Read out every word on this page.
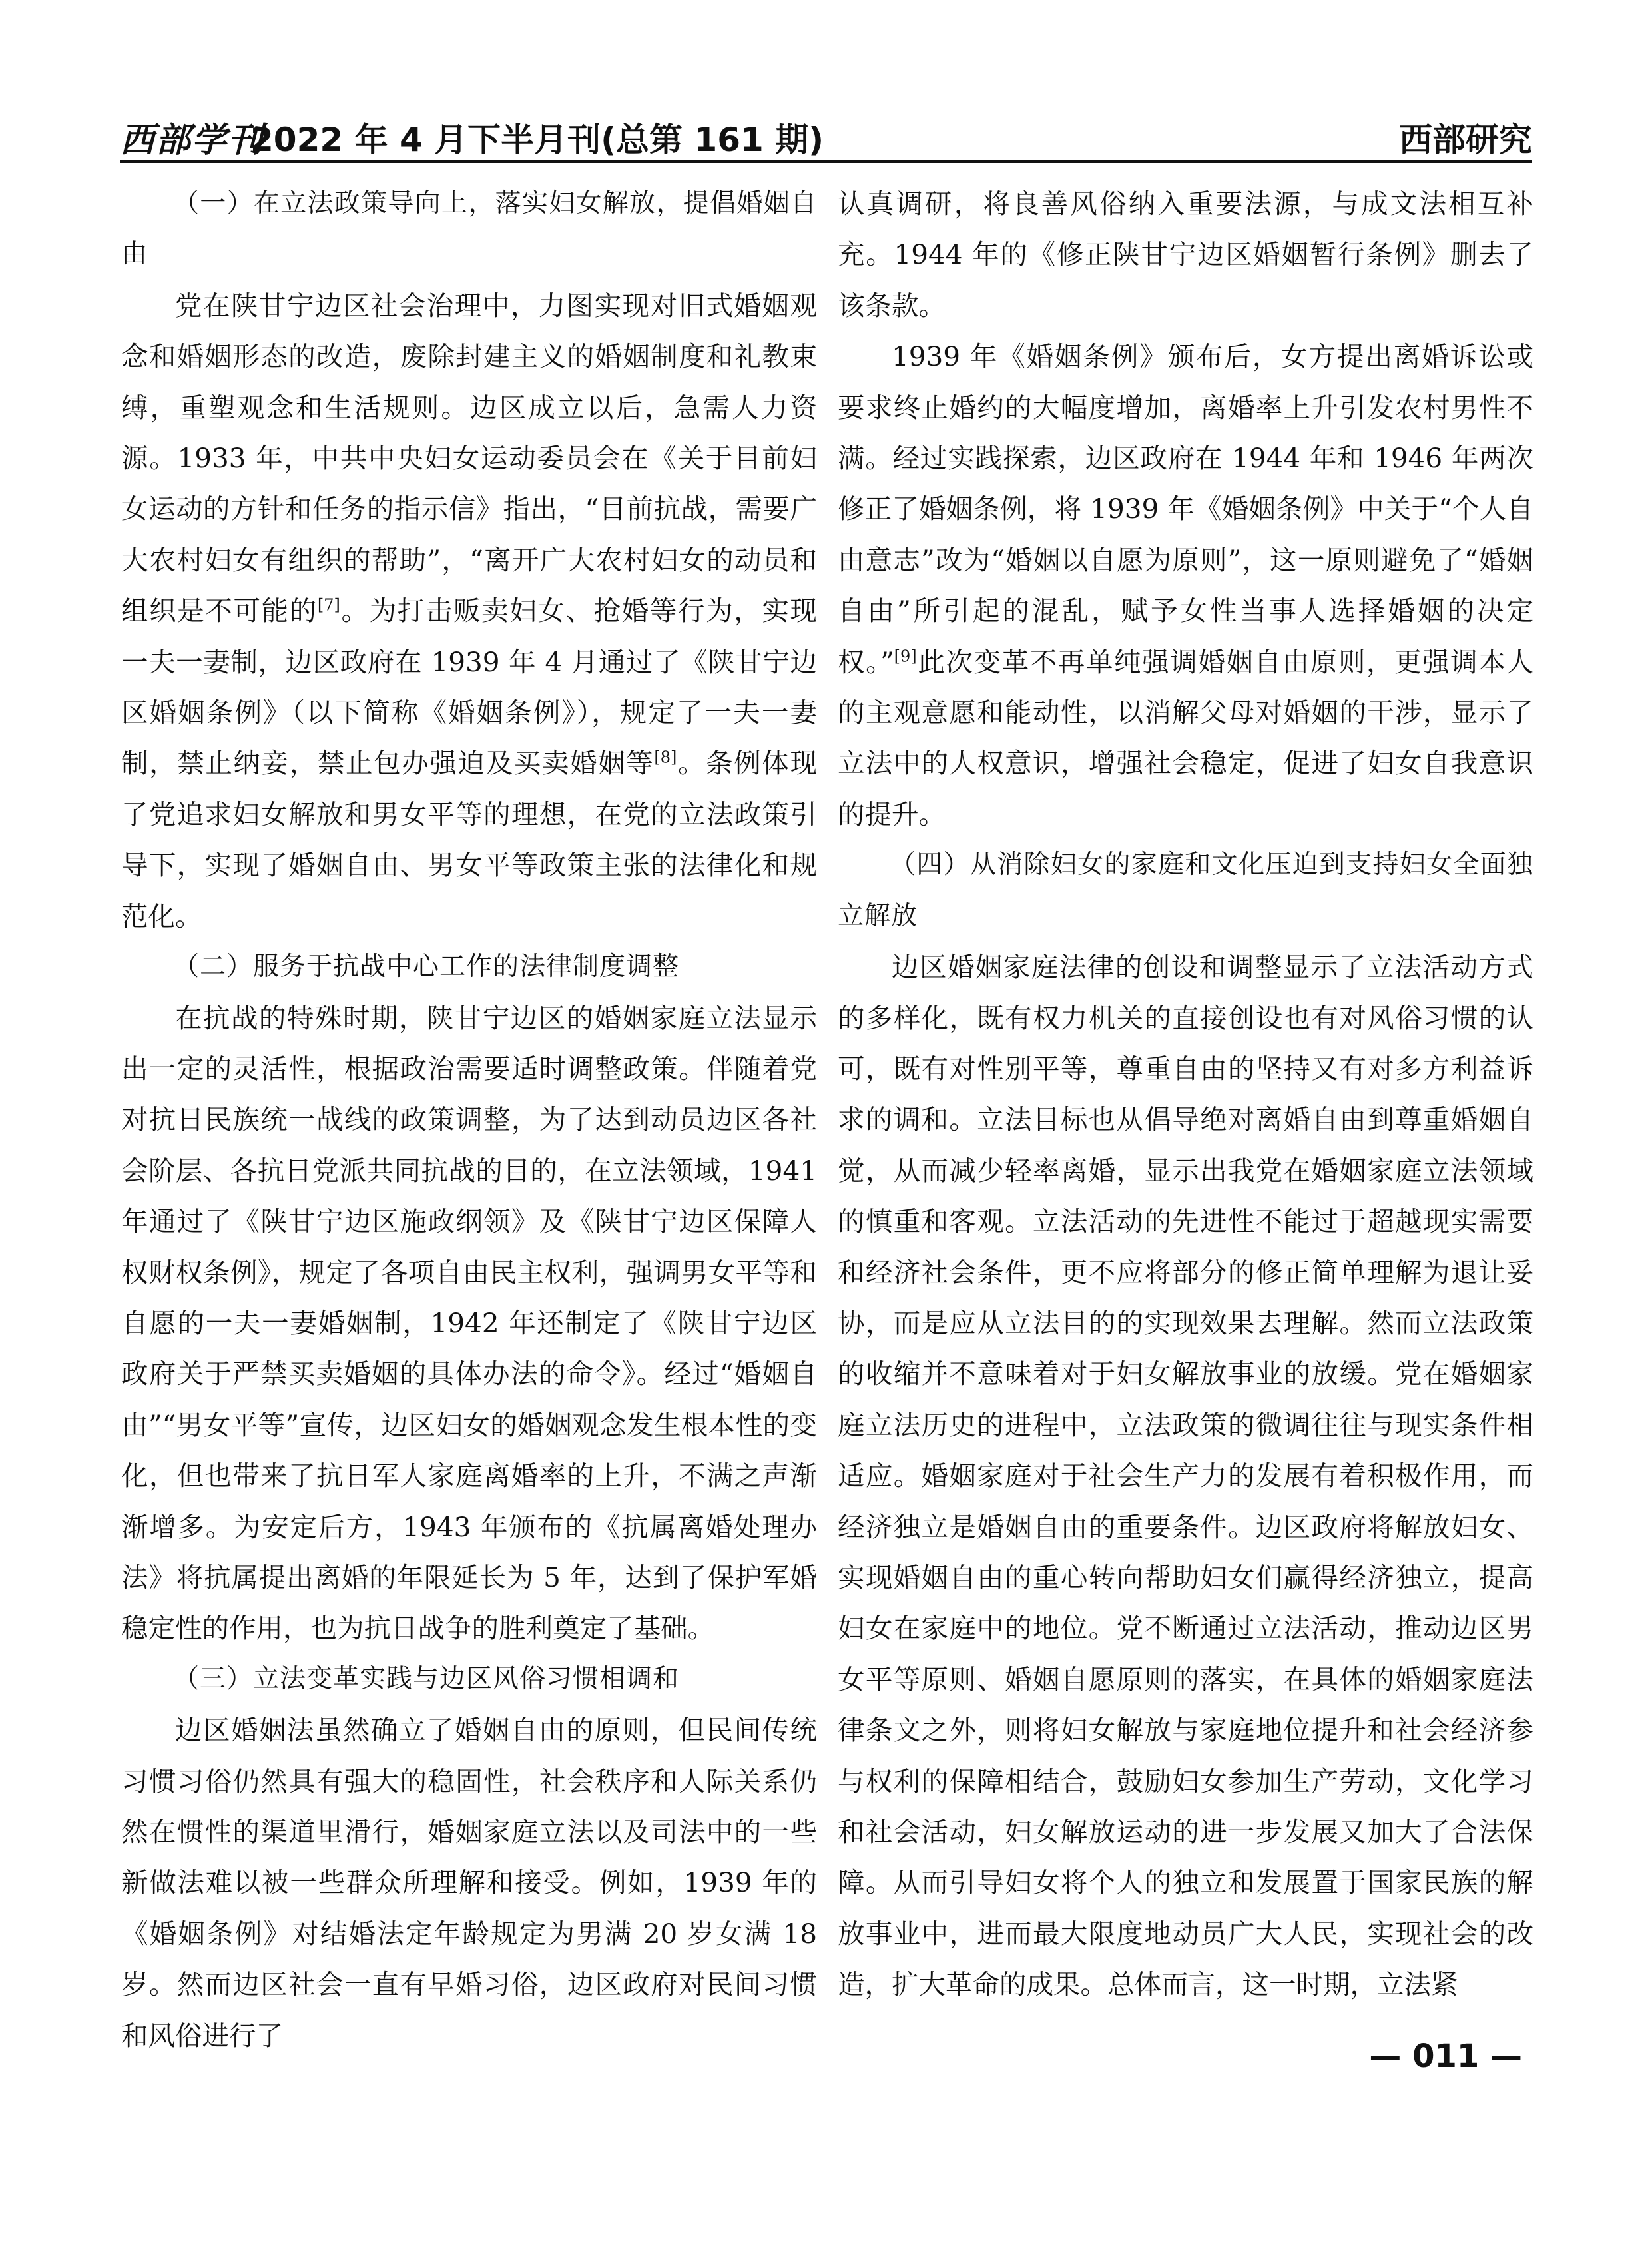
西部学刊
2022 年 4 月下半月刊(总第 161 期)	西部研究

（一）在立法政策导向上，落实妇女解放，提倡婚姻自由

党在陕甘宁边区社会治理中，力图实现对旧式婚姻观念和婚姻形态的改造，废除封建主义的婚姻制度和礼教束缚，重塑观念和生活规则。边区成立以后，急需人力资源。1933 年，中共中央妇女运动委员会在《关于目前妇女运动的方针和任务的指示信》指出，“目前抗战，需要广大农村妇女有组织的帮助”，“离开广大农村妇女的动员和组织是不可能的[7]。为打击贩卖妇女、抢婚等行为，实现一夫一妻制，边区政府在 1939 年 4 月通过了《陕甘宁边区婚姻条例》（以下简称《婚姻条例》），规定了一夫一妻制，禁止纳妾，禁止包办强迫及买卖婚姻等[8]。条例体现了党追求妇女解放和男女平等的理想，在党的立法政策引导下，实现了婚姻自由、男女平等政策主张的法律化和规范化。

（二）服务于抗战中心工作的法律制度调整

在抗战的特殊时期，陕甘宁边区的婚姻家庭立法显示出一定的灵活性，根据政治需要适时调整政策。伴随着党对抗日民族统一战线的政策调整，为了达到动员边区各社会阶层、各抗日党派共同抗战的目的，在立法领域，1941 年通过了《陕甘宁边区施政纲领》及《陕甘宁边区保障人权财权条例》，规定了各项自由民主权利，强调男女平等和自愿的一夫一妻婚姻制，1942 年还制定了《陕甘宁边区政府关于严禁买卖婚姻的具体办法的命令》。经过“婚姻自由”“男女平等”宣传，边区妇女的婚姻观念发生根本性的变化，但也带来了抗日军人家庭离婚率的上升，不满之声渐渐增多。为安定后方，1943 年颁布的《抗属离婚处理办法》将抗属提出离婚的年限延长为 5 年，达到了保护军婚稳定性的作用，也为抗日战争的胜利奠定了基础。

（三）立法变革实践与边区风俗习惯相调和

边区婚姻法虽然确立了婚姻自由的原则，但民间传统习惯习俗仍然具有强大的稳固性，社会秩序和人际关系仍然在惯性的渠道里滑行，婚姻家庭立法以及司法中的一些新做法难以被一些群众所理解和接受。例如，1939 年的《婚姻条例》对结婚法定年龄规定为男满 20 岁女满 18 岁。然而边区社会一直有早婚习俗，边区政府对民间习惯和风俗进行了

认真调研，将良善风俗纳入重要法源，与成文法相互补充。1944 年的《修正陕甘宁边区婚姻暂行条例》删去了该条款。

1939 年《婚姻条例》颁布后，女方提出离婚诉讼或要求终止婚约的大幅度增加，离婚率上升引发农村男性不满。经过实践探索，边区政府在 1944 年和 1946 年两次修正了婚姻条例，将 1939 年《婚姻条例》中关于“个人自由意志”改为“婚姻以自愿为原则”，这一原则避免了“婚姻自由”所引起的混乱，赋予女性当事人选择婚姻的决定权。”[9]此次变革不再单纯强调婚姻自由原则，更强调本人的主观意愿和能动性，以消解父母对婚姻的干涉，显示了立法中的人权意识，增强社会稳定，促进了妇女自我意识的提升。

（四）从消除妇女的家庭和文化压迫到支持妇女全面独立解放

边区婚姻家庭法律的创设和调整显示了立法活动方式的多样化，既有权力机关的直接创设也有对风俗习惯的认可，既有对性别平等，尊重自由的坚持又有对多方利益诉求的调和。立法目标也从倡导绝对离婚自由到尊重婚姻自觉，从而减少轻率离婚，显示出我党在婚姻家庭立法领域的慎重和客观。立法活动的先进性不能过于超越现实需要和经济社会条件，更不应将部分的修正简单理解为退让妥协，而是应从立法目的的实现效果去理解。然而立法政策的收缩并不意味着对于妇女解放事业的放缓。党在婚姻家庭立法历史的进程中，立法政策的微调往往与现实条件相适应。婚姻家庭对于社会生产力的发展有着积极作用，而经济独立是婚姻自由的重要条件。边区政府将解放妇女、实现婚姻自由的重心转向帮助妇女们赢得经济独立，提高妇女在家庭中的地位。党不断通过立法活动，推动边区男女平等原则、婚姻自愿原则的落实，在具体的婚姻家庭法律条文之外，则将妇女解放与家庭地位提升和社会经济参与权利的保障相结合，鼓励妇女参加生产劳动，文化学习和社会活动，妇女解放运动的进一步发展又加大了合法保障。从而引导妇女将个人的独立和发展置于国家民族的解放事业中，进而最大限度地动员广大人民，实现社会的改造，扩大革命的成果。总体而言，这一时期，立法紧

— 011 —
